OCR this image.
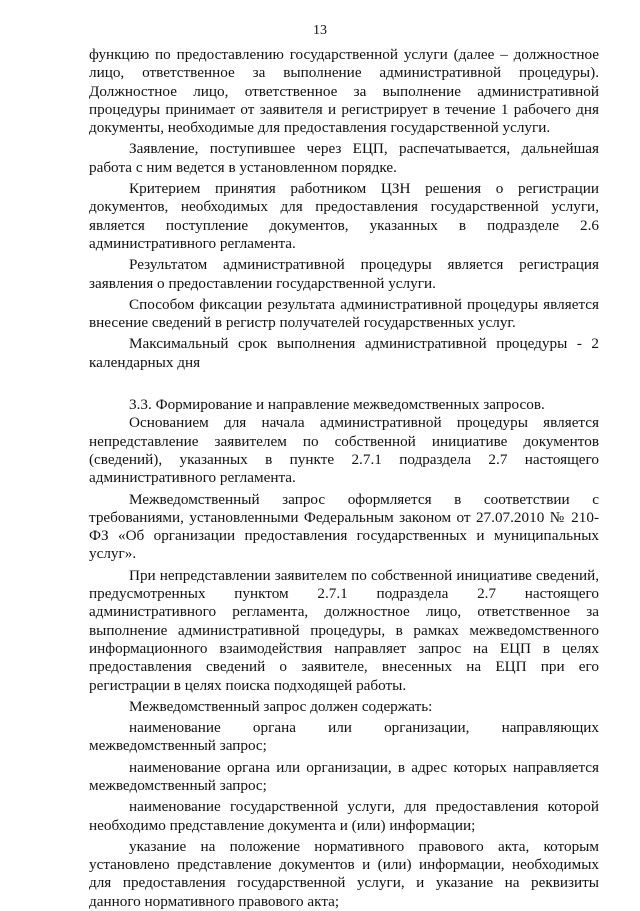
13

функцию по предоставлению государственной услуги (далее – должностное лицо, ответственное за выполнение административной процедуры). Должностное лицо, ответственное за выполнение административной процедуры принимает от заявителя и регистрирует в течение 1 рабочего дня документы, необходимые для предоставления государственной услуги.

Заявление, поступившее через ЕЦП, распечатывается, дальнейшая работа с ним ведется в установленном порядке.

Критерием принятия работником ЦЗН решения о регистрации документов, необходимых для предоставления государственной услуги, является поступление документов, указанных в подразделе 2.6 административного регламента.

Результатом административной процедуры является регистрация заявления о предоставлении государственной услуги.

Способом фиксации результата административной процедуры является внесение сведений в регистр получателей государственных услуг.

Максимальный срок выполнения административной процедуры - 2 календарных дня

3.3. Формирование и направление межведомственных запросов.

Основанием для начала административной процедуры является непредставление заявителем по собственной инициативе документов (сведений), указанных в пункте 2.7.1 подраздела 2.7 настоящего административного регламента.

Межведомственный запрос оформляется в соответствии с требованиями, установленными Федеральным законом от 27.07.2010 № 210-ФЗ «Об организации предоставления государственных и муниципальных услуг».

При непредставлении заявителем по собственной инициативе сведений, предусмотренных пунктом 2.7.1 подраздела 2.7 настоящего административного регламента, должностное лицо, ответственное за выполнение административной процедуры, в рамках межведомственного информационного взаимодействия направляет запрос на ЕЦП в целях предоставления сведений о заявителе, внесенных на ЕЦП при его регистрации в целях поиска подходящей работы.

Межведомственный запрос должен содержать:

наименование органа или организации, направляющих межведомственный запрос;

наименование органа или организации, в адрес которых направляется межведомственный запрос;

наименование государственной услуги, для предоставления которой необходимо представление документа и (или) информации;

указание на положение нормативного правового акта, которым установлено представление документов и (или) информации, необходимых для предоставления государственной услуги, и указание на реквизиты данного нормативного правового акта;
